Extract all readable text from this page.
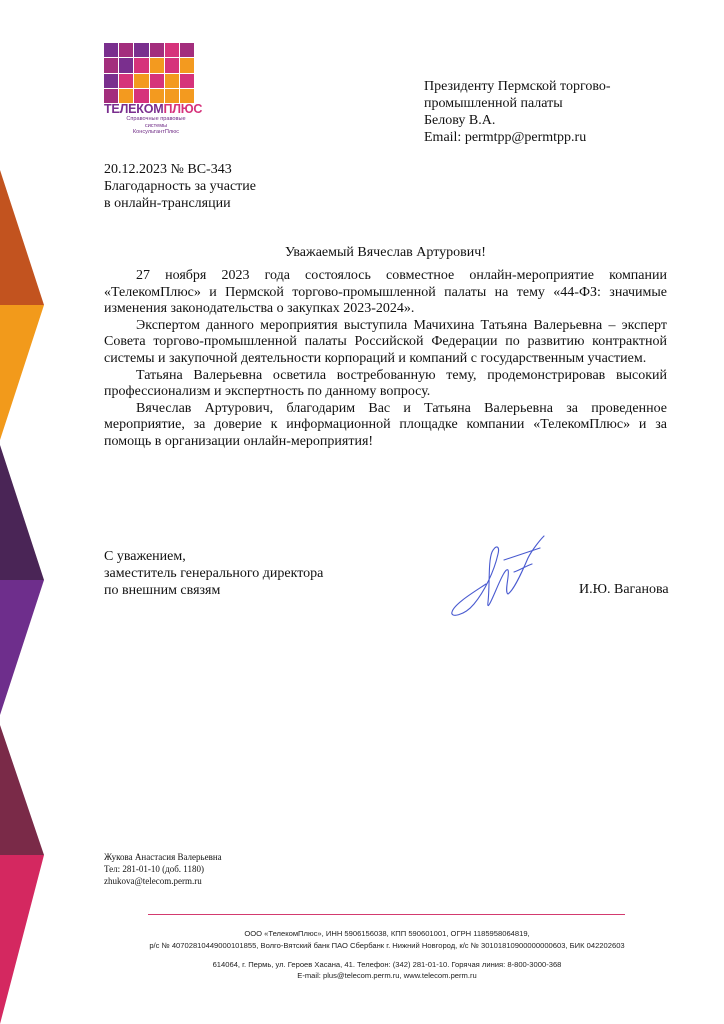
ТЕЛЕКОМПЛЮС
Справочные правовые системы
КонсультантПлюс
Президенту Пермской торгово-
промышленной палаты
Белову В.А.
Email: permtpp@permtpp.ru
20.12.2023 № ВС-343
Благодарность за участие
в онлайн-трансляции
Уважаемый Вячеслав Артурович!

27 ноября 2023 года состоялось совместное онлайн-мероприятие компании «ТелекомПлюс» и Пермской торгово-промышленной палаты на тему «44-ФЗ: значимые изменения законодательства о закупках 2023-2024».

Экспертом данного мероприятия выступила Мачихина Татьяна Валерьевна – эксперт Совета торгово-промышленной палаты Российской Федерации по развитию контрактной системы и закупочной деятельности корпораций и компаний с государственным участием.

Татьяна Валерьевна осветила востребованную тему, продемонстрировав высокий профессионализм и экспертность по данному вопросу.

Вячеслав Артурович, благодарим Вас и Татьяна Валерьевна за проведенное мероприятие, за доверие к информационной площадке компании «ТелекомПлюс» и за помощь в организации онлайн-мероприятия!

С уважением,
заместитель генерального директора
по внешним связям	И.Ю. Ваганова
Жукова Анастасия Валерьевна
Тел: 281-01-10 (доб. 1180)
zhukova@telecom.perm.ru
ООО «ТелекомПлюс», ИНН 5906156038, КПП 590601001, ОГРН 1185958064819,
р/с № 40702810449000101855, Волго-Вятский банк ПАО Сбербанк г. Нижний Новгород, к/с № 30101810900000000603, БИК 042202603
614064, г. Пермь, ул. Героев Хасана, 41. Телефон: (342) 281-01-10. Горячая линия: 8-800-3000-368
E-mail: plus@telecom.perm.ru, www.telecom.perm.ru
